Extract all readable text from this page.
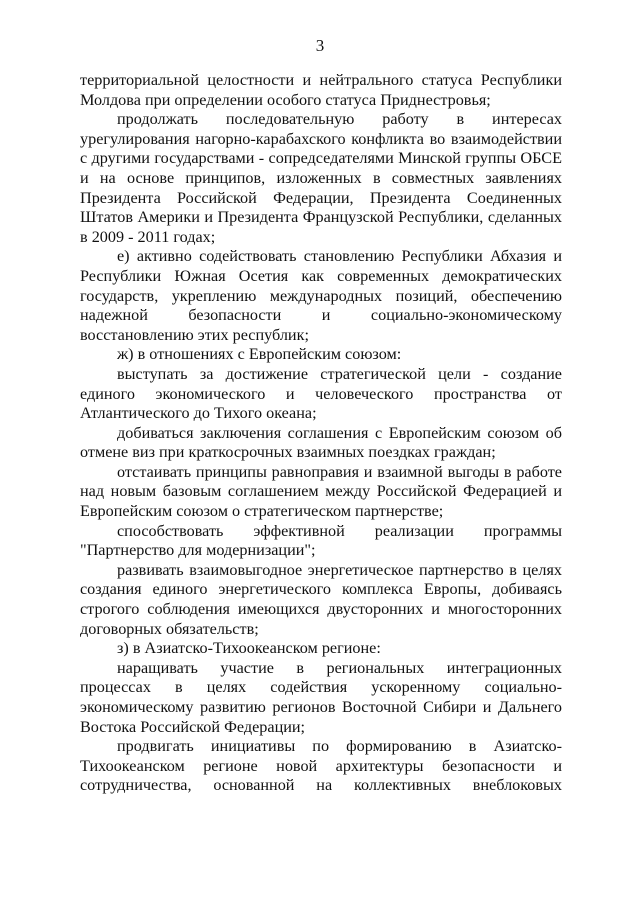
3

территориальной целостности и нейтрального статуса Республики Молдова при определении особого статуса Приднестровья;

продолжать последовательную работу в интересах урегулирования нагорно-карабахского конфликта во взаимодействии с другими государствами - сопредседателями Минской группы ОБСЕ и на основе принципов, изложенных в совместных заявлениях Президента Российской Федерации, Президента Соединенных Штатов Америки и Президента Французской Республики, сделанных в 2009 - 2011 годах;

е) активно содействовать становлению Республики Абхазия и Республики Южная Осетия как современных демократических государств, укреплению международных позиций, обеспечению надежной безопасности и социально-экономическому восстановлению этих республик;

ж) в отношениях с Европейским союзом:

выступать за достижение стратегической цели - создание единого экономического и человеческого пространства от Атлантического до Тихого океана;

добиваться заключения соглашения с Европейским союзом об отмене виз при краткосрочных взаимных поездках граждан;

отстаивать принципы равноправия и взаимной выгоды в работе над новым базовым соглашением между Российской Федерацией и Европейским союзом о стратегическом партнерстве;

способствовать эффективной реализации программы "Партнерство для модернизации";

развивать взаимовыгодное энергетическое партнерство в целях создания единого энергетического комплекса Европы, добиваясь строгого соблюдения имеющихся двусторонних и многосторонних договорных обязательств;

з) в Азиатско-Тихоокеанском регионе:

наращивать участие в региональных интеграционных процессах в целях содействия ускоренному социально-экономическому развитию регионов Восточной Сибири и Дальнего Востока Российской Федерации;

продвигать инициативы по формированию в Азиатско-Тихоокеанском регионе новой архитектуры безопасности и сотрудничества, основанной на коллективных внеблоковых
